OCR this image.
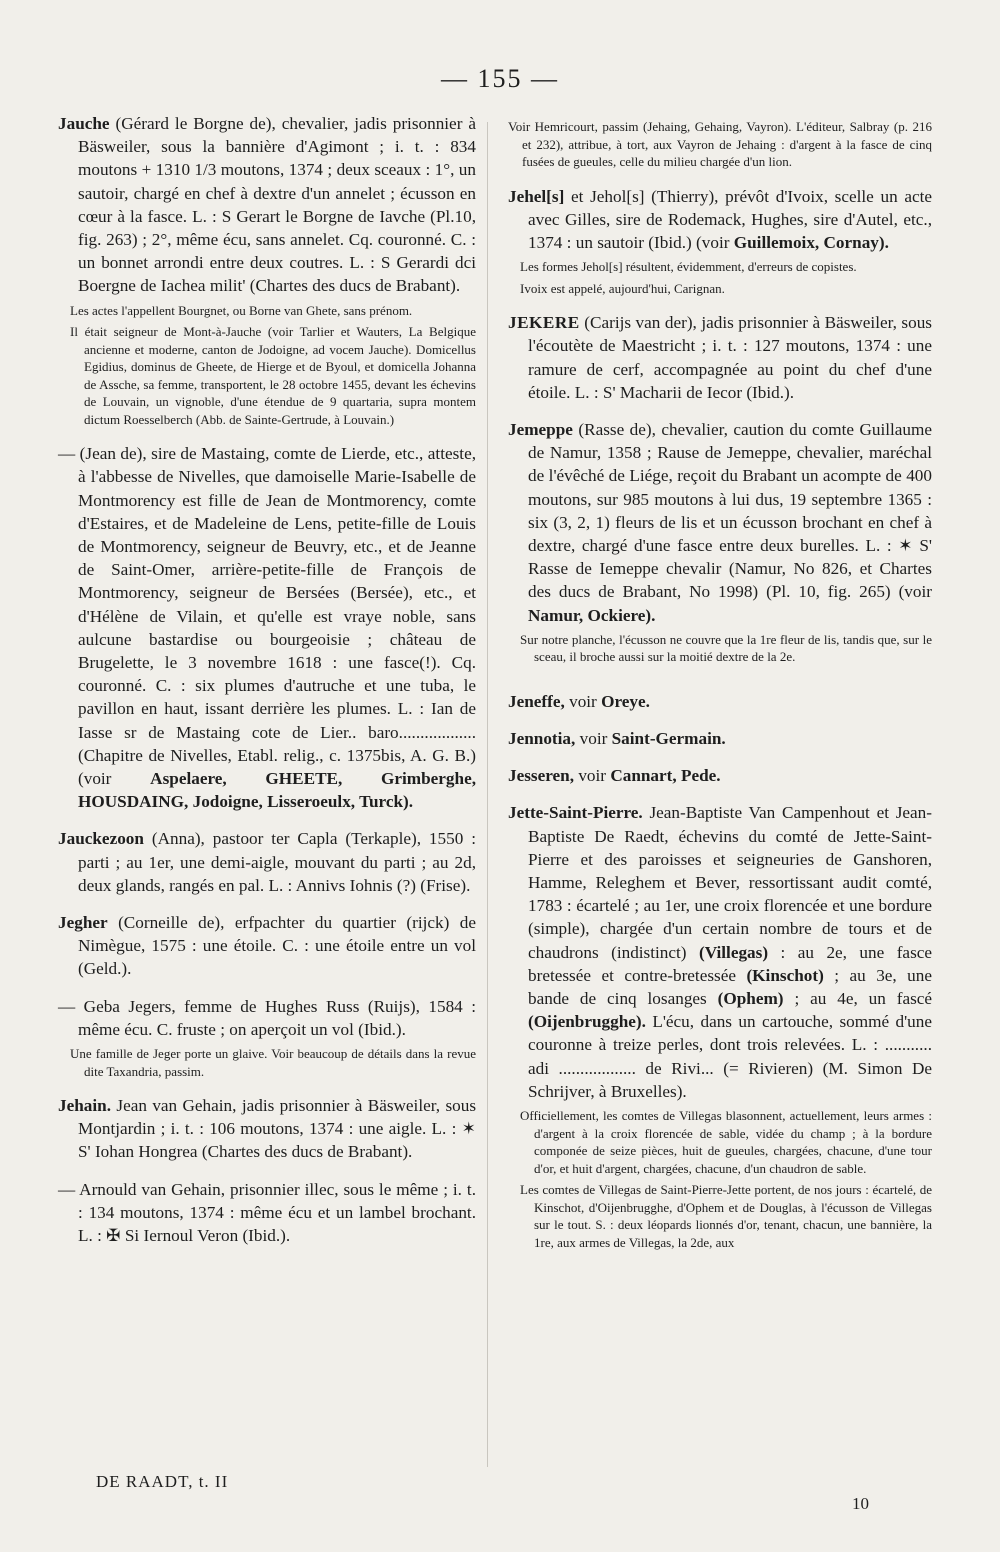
— 155 —

Jauche (Gérard le Borgne de), chevalier, jadis prisonnier à Bäsweiler, sous la bannière d'Agimont ; i. t. : 834 moutons + 1310 1/3 moutons, 1374 ; deux sceaux : 1°, un sautoir, chargé en chef à dextre d'un annelet ; écusson en cœur à la fasce. L. : S Gerart le Borgne de Iavche (Pl.10, fig. 263) ; 2°, même écu, sans annelet. Cq. couronné. C. : un bonnet arrondi entre deux coutres. L. : S Gerardi dci Boergne de Iachea milit' (Chartes des ducs de Brabant).

Les actes l'appellent Bourgnet, ou Borne van Ghete, sans prénom.

Il était seigneur de Mont-à-Jauche (voir Tarlier et Wauters, La Belgique ancienne et moderne, canton de Jodoigne, ad vocem Jauche). Domicellus Egidius, dominus de Gheete, de Hierge et de Byoul, et domicella Johanna de Assche, sa femme, transportent, le 28 octobre 1455, devant les échevins de Louvain, un vignoble, d'une étendue de 9 quartaria, supra montem dictum Roesselberch (Abb. de Sainte-Gertrude, à Louvain.)

— (Jean de), sire de Mastaing, comte de Lierde, etc., atteste, à l'abbesse de Nivelles, que damoiselle Marie-Isabelle de Montmorency est fille de Jean de Montmorency, comte d'Estaires, et de Madeleine de Lens, petite-fille de Louis de Montmorency, seigneur de Beuvry, etc., et de Jeanne de Saint-Omer, arrière-petite-fille de François de Montmorency, seigneur de Bersées (Bersée), etc., et d'Hélène de Vilain, et qu'elle est vraye noble, sans aulcune bastardise ou bourgeoisie ; château de Brugelette, le 3 novembre 1618 : une fasce(!). Cq. couronné. C. : six plumes d'autruche et une tuba, le pavillon en haut, issant derrière les plumes. L. : Ian de Iasse sr de Mastaing cote de Lier.. baro.................. (Chapitre de Nivelles, Etabl. relig., c. 1375bis, A. G. B.) (voir Aspelaere, GHEETE, Grimberghe, HOUSDAING, Jodoigne, Lisseroeulx, Turck).

Jauckezoon (Anna), pastoor ter Capla (Terkaple), 1550 : parti ; au 1er, une demi-aigle, mouvant du parti ; au 2d, deux glands, rangés en pal. L. : Annivs Iohnis (?) (Frise).

Jegher (Corneille de), erfpachter du quartier (rijck) de Nimègue, 1575 : une étoile. C. : une étoile entre un vol (Geld.).

— Geba Jegers, femme de Hughes Russ (Ruijs), 1584 : même écu. C. fruste ; on aperçoit un vol (Ibid.).

Une famille de Jeger porte un glaive. Voir beaucoup de détails dans la revue dite Taxandria, passim.

Jehain. Jean van Gehain, jadis prisonnier à Bäsweiler, sous Montjardin ; i. t. : 106 moutons, 1374 : une aigle. L. : ✶ S' Iohan Hongrea (Chartes des ducs de Brabant).

— Arnould van Gehain, prisonnier illec, sous le même ; i. t. : 134 moutons, 1374 : même écu et un lambel brochant. L. : ✠ Si Iernoul Veron (Ibid.).

Voir Hemricourt, passim (Jehaing, Gehaing, Vayron). L'éditeur, Salbray (p. 216 et 232), attribue, à tort, aux Vayron de Jehaing : d'argent à la fasce de cinq fusées de gueules, celle du milieu chargée d'un lion.

Jehel[s] et Jehol[s] (Thierry), prévôt d'Ivoix, scelle un acte avec Gilles, sire de Rodemack, Hughes, sire d'Autel, etc., 1374 : un sautoir (Ibid.) (voir Guillemoix, Cornay).

Les formes Jehol[s] résultent, évidemment, d'erreurs de copistes.

Ivoix est appelé, aujourd'hui, Carignan.

JEKERE (Carijs van der), jadis prisonnier à Bäsweiler, sous l'écoutète de Maestricht ; i. t. : 127 moutons, 1374 : une ramure de cerf, accompagnée au point du chef d'une étoile. L. : S' Macharii de Iecor (Ibid.).

Jemeppe (Rasse de), chevalier, caution du comte Guillaume de Namur, 1358 ; Rause de Jemeppe, chevalier, maréchal de l'évêché de Liége, reçoit du Brabant un acompte de 400 moutons, sur 985 moutons à lui dus, 19 septembre 1365 : six (3, 2, 1) fleurs de lis et un écusson brochant en chef à dextre, chargé d'une fasce entre deux burelles. L. : ✶ S' Rasse de Iemeppe chevalir (Namur, No 826, et Chartes des ducs de Brabant, No 1998) (Pl. 10, fig. 265) (voir Namur, Ockiere).

Sur notre planche, l'écusson ne couvre que la 1re fleur de lis, tandis que, sur le sceau, il broche aussi sur la moitié dextre de la 2e.

Jeneffe, voir Oreye.

Jennotia, voir Saint-Germain.

Jesseren, voir Cannart, Pede.

Jette-Saint-Pierre. Jean-Baptiste Van Campenhout et Jean-Baptiste De Raedt, échevins du comté de Jette-Saint-Pierre et des paroisses et seigneuries de Ganshoren, Hamme, Releghem et Bever, ressortissant audit comté, 1783 : écartelé ; au 1er, une croix florencée et une bordure (simple), chargée d'un certain nombre de tours et de chaudrons (indistinct) (Villegas) : au 2e, une fasce bretessée et contre-bretessée (Kinschot) ; au 3e, une bande de cinq losanges (Ophem) ; au 4e, un fascé (Oijenbrugghe). L'écu, dans un cartouche, sommé d'une couronne à treize perles, dont trois relevées. L. : ........... adi .................. de Rivi... (= Rivieren) (M. Simon De Schrijver, à Bruxelles).

Officiellement, les comtes de Villegas blasonnent, actuellement, leurs armes : d'argent à la croix florencée de sable, vidée du champ ; à la bordure componée de seize pièces, huit de gueules, chargées, chacune, d'une tour d'or, et huit d'argent, chargées, chacune, d'un chaudron de sable.

Les comtes de Villegas de Saint-Pierre-Jette portent, de nos jours : écartelé, de Kinschot, d'Oijenbrugghe, d'Ophem et de Douglas, à l'écusson de Villegas sur le tout. S. : deux léopards lionnés d'or, tenant, chacun, une bannière, la 1re, aux armes de Villegas, la 2de, aux

DE RAADT, t. II
10
